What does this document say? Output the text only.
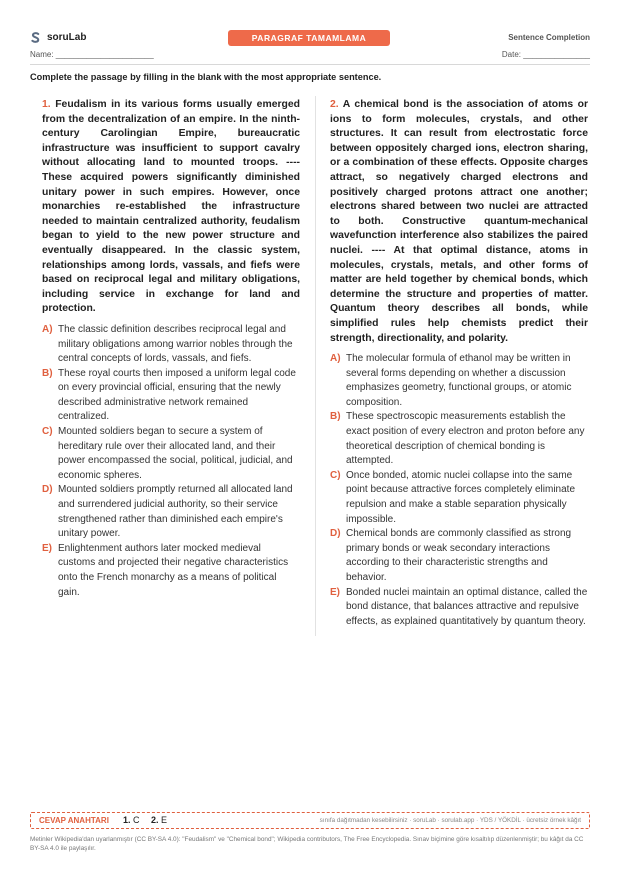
soruLab	PARAGRAF TAMAMLAMA	Sentence Completion
Name: ______________________	Date: _______________
Complete the passage by filling in the blank with the most appropriate sentence.

1. Feudalism in its various forms usually emerged from the decentralization of an empire. In the ninth-century Carolingian Empire, bureaucratic infrastructure was insufficient to support cavalry without allocating land to mounted troops. ---- These acquired powers significantly diminished unitary power in such empires. However, once monarchies re-established the infrastructure needed to maintain centralized authority, feudalism began to yield to the new power structure and eventually disappeared. In the classic system, relationships among lords, vassals, and fiefs were based on reciprocal legal and military obligations, including service in exchange for land and protection.

A) The classic definition describes reciprocal legal and military obligations among warrior nobles through the central concepts of lords, vassals, and fiefs.
B) These royal courts then imposed a uniform legal code on every provincial official, ensuring that the newly described administrative network remained centralized.
C) Mounted soldiers began to secure a system of hereditary rule over their allocated land, and their power encompassed the social, political, judicial, and economic spheres.
D) Mounted soldiers promptly returned all allocated land and surrendered judicial authority, so their service strengthened rather than diminished each empire's unitary power.
E) Enlightenment authors later mocked medieval customs and projected their negative characteristics onto the French monarchy as a means of political gain.

2. A chemical bond is the association of atoms or ions to form molecules, crystals, and other structures. It can result from electrostatic force between oppositely charged ions, electron sharing, or a combination of these effects. Opposite charges attract, so negatively charged electrons and positively charged protons attract one another; electrons shared between two nuclei are attracted to both. Constructive quantum-mechanical wavefunction interference also stabilizes the paired nuclei. ---- At that optimal distance, atoms in molecules, crystals, metals, and other forms of matter are held together by chemical bonds, which determine the structure and properties of matter. Quantum theory describes all bonds, while simplified rules help chemists predict their strength, directionality, and polarity.

A) The molecular formula of ethanol may be written in several forms depending on whether a discussion emphasizes geometry, functional groups, or atomic composition.
B) These spectroscopic measurements establish the exact position of every electron and proton before any theoretical description of chemical bonding is attempted.
C) Once bonded, atomic nuclei collapse into the same point because attractive forces completely eliminate repulsion and make a stable separation physically impossible.
D) Chemical bonds are commonly classified as strong primary bonds or weak secondary interactions according to their characteristic strengths and behavior.
E) Bonded nuclei maintain an optimal distance, called the bond distance, that balances attractive and repulsive effects, as explained quantitatively by quantum theory.
CEVAP ANAHTARI 1. C 2. E	sınıfa dağıtmadan kesebilirsiniz · soruLab · sorulab.app · YDS / YÖKDİL · ücretsiz örnek kâğıt
Metinler Wikipedia'dan uyarlanmıştır (CC BY-SA 4.0): "Feudalism" ve "Chemical bond"; Wikipedia contributors, The Free Encyclopedia. Sınav biçimine göre kısaltılıp düzenlenmiştir; bu kâğıt da CC BY-SA 4.0 ile paylaşılır.
